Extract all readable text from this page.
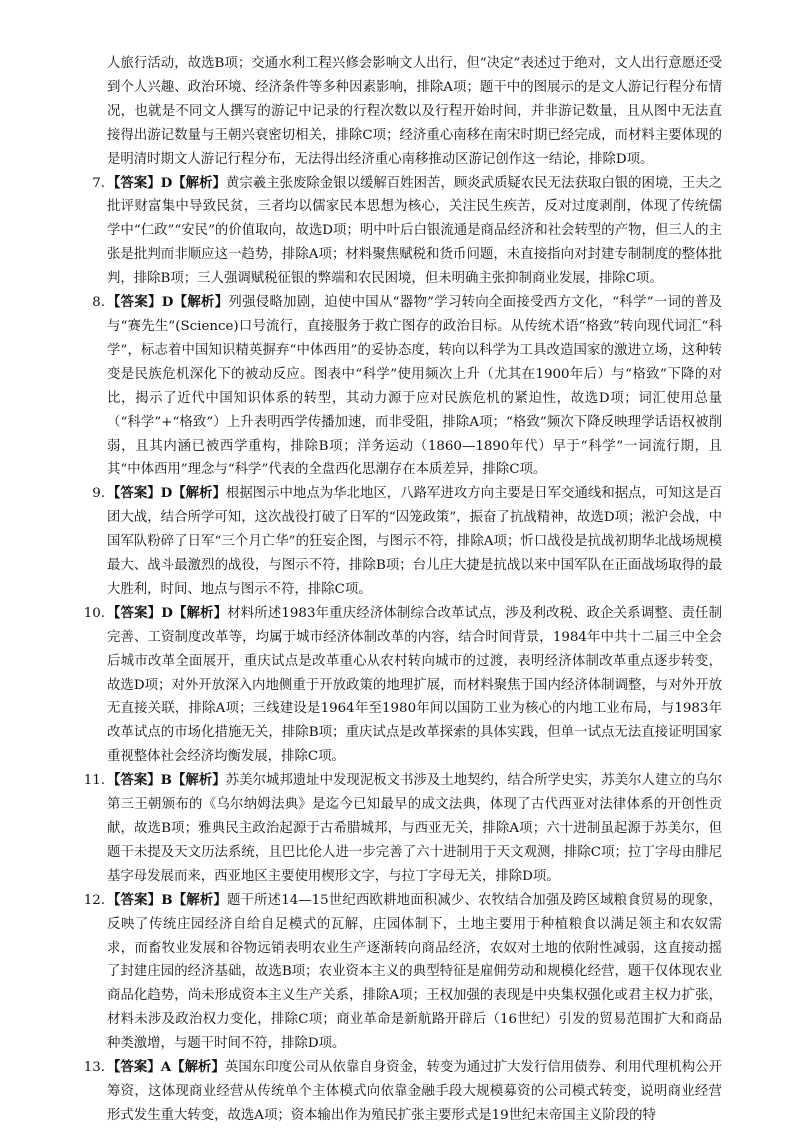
人旅行活动，故选B项；交通水利工程兴修会影响文人出行，但“决定”表述过于绝对，文人出行意愿还受到个人兴趣、政治环境、经济条件等多种因素影响，排除A项；题干中的图展示的是文人游记行程分布情况，也就是不同文人撰写的游记中记录的行程次数以及行程开始时间，并非游记数量，且从图中无法直接得出游记数量与王朝兴衰密切相关，排除C项；经济重心南移在南宋时期已经完成，而材料主要体现的是明清时期文人游记行程分布，无法得出经济重心南移推动区游记创作这一结论，排除D项。
7. 【答案】D【解析】黄宗羲主张废除金银以缓解百姓困苦，顾炎武质疑农民无法获取白银的困境，王夫之批评财富集中导致民贫，三者均以儒家民本思想为核心，关注民生疾苦，反对过度剥削，体现了传统儒学中“仁政”“安民”的价值取向，故选D项；明中叶后白银流通是商品经济和社会转型的产物，但三人的主张是批判而非顺应这一趋势，排除A项；材料聚焦赋税和货币问题，未直接指向对封建专制制度的整体批判，排除B项；三人强调赋税征银的弊端和农民困境，但未明确主张抑制商业发展，排除C项。
8. 【答案】D【解析】列强侵略加剧，迫使中国从“器物”学习转向全面接受西方文化，“科学”一词的普及与“赛先生”(Science)口号流行，直接服务于救亡图存的政治目标。从传统术语“格致”转向现代词汇“科学”，标志着中国知识精英摒弃“中体西用”的妥协态度，转向以科学为工具改造国家的激进立场，这种转变是民族危机深化下的被动反应。图表中“科学”使用频次上升（尤其在1900年后）与“格致”下降的对比，揭示了近代中国知识体系的转型，其动力源于应对民族危机的紧迫性，故选D项；词汇使用总量（“科学”+“格致”）上升表明西学传播加速，而非受阻，排除A项；“格致”频次下降反映理学话语权被削弱，且其内涵已被西学重构，排除B项；洋务运动（1860—1890年代）早于“科学”一词流行期，且其“中体西用”理念与“科学”代表的全盘西化思潮存在本质差异，排除C项。
9. 【答案】D【解析】根据图示中地点为华北地区，八路军进攻方向主要是日军交通线和据点，可知这是百团大战，结合所学可知，这次战役打破了日军的“囚笼政策”，振奋了抗战精神，故选D项；淞沪会战，中国军队粉碎了日军“三个月亡华”的狂妄企图，与图示不符，排除A项；忻口战役是抗战初期华北战场规模最大、战斗最激烈的战役，与图示不符，排除B项；台儿庄大捷是抗战以来中国军队在正面战场取得的最大胜利，时间、地点与图示不符，排除C项。
10. 【答案】D【解析】材料所述1983年重庆经济体制综合改革试点，涉及利改税、政企关系调整、责任制完善、工资制度改革等，均属于城市经济体制改革的内容，结合时间背景，1984年中共十二届三中全会后城市改革全面展开，重庆试点是改革重心从农村转向城市的过渡，表明经济体制改革重点逐步转变，故选D项；对外开放深入内地侧重于开放政策的地理扩展，而材料聚焦于国内经济体制调整，与对外开放无直接关联，排除A项；三线建设是1964年至1980年间以国防工业为核心的内地工业布局，与1983年改革试点的市场化措施无关，排除B项；重庆试点是改革探索的具体实践，但单一试点无法直接证明国家重视整体社会经济均衡发展，排除C项。
11. 【答案】B【解析】苏美尔城邦遗址中发现泥板文书涉及土地契约，结合所学史实，苏美尔人建立的乌尔第三王朝颁布的《乌尔纳姆法典》是迄今已知最早的成文法典，体现了古代西亚对法律体系的开创性贡献，故选B项；雅典民主政治起源于古希腊城邦，与西亚无关，排除A项；六十进制虽起源于苏美尔，但题干未提及天文历法系统，且巴比伦人进一步完善了六十进制用于天文观测，排除C项；拉丁字母由腓尼基字母发展而来，西亚地区主要使用楔形文字，与拉丁字母无关，排除D项。
12. 【答案】B【解析】题干所述14—15世纪西欧耕地面积减少、农牧结合加强及跨区域粮食贸易的现象，反映了传统庄园经济自给自足模式的瓦解，庄园体制下，土地主要用于种植粮食以满足领主和农奴需求，而畜牧业发展和谷物远销表明农业生产逐渐转向商品经济，农奴对土地的依附性减弱，这直接动摇了封建庄园的经济基础，故选B项；农业资本主义的典型特征是雇佣劳动和规模化经营，题干仅体现农业商品化趋势，尚未形成资本主义生产关系，排除A项；王权加强的表现是中央集权强化或君主权力扩张，材料未涉及政治权力变化，排除C项；商业革命是新航路开辟后（16世纪）引发的贸易范围扩大和商品种类激增，与题干时间不符，排除D项。
13. 【答案】A【解析】英国东印度公司从依靠自身资金，转变为通过扩大发行信用债券、利用代理机构公开筹资，这体现商业经营从传统单个主体模式向依靠金融手段大规模募资的公司模式转变，说明商业经营形式发生重大转变，故选A项；资本输出作为殖民扩张主要形式是19世纪末帝国主义阶段的特
